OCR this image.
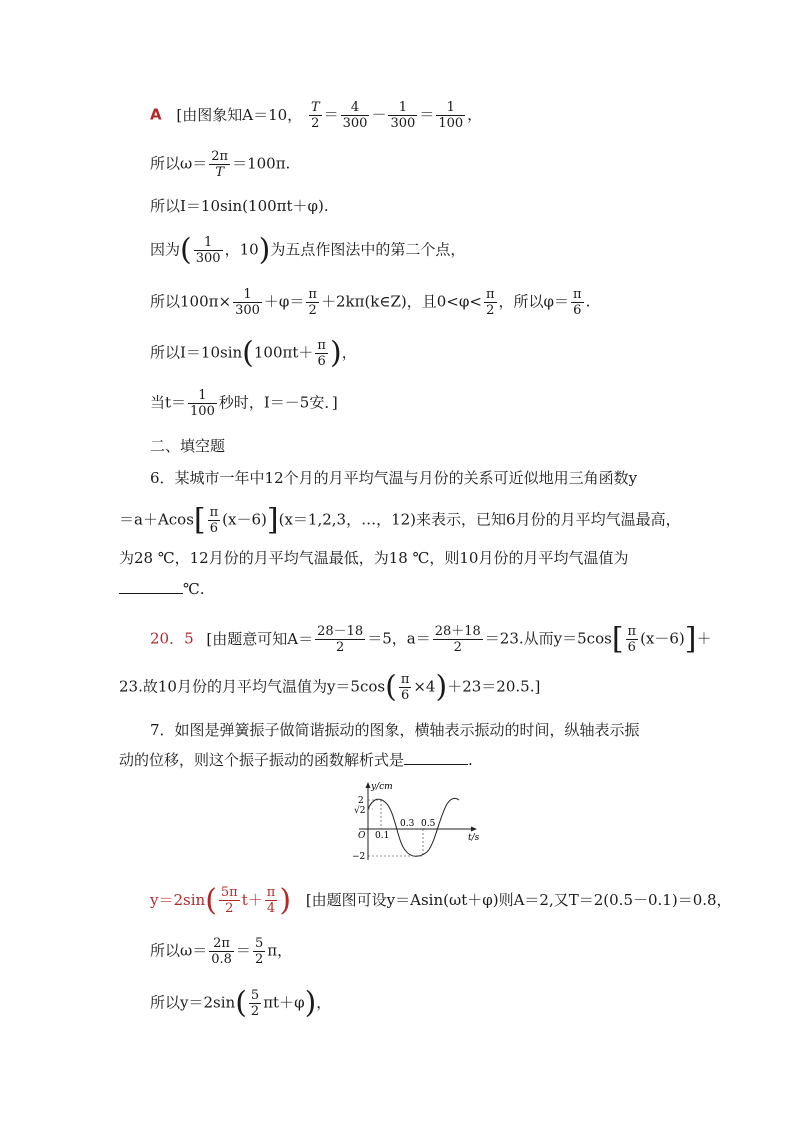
A [由图象知A＝10， $\frac{T}{2} = \frac{4}{300} - \frac{1}{300} = \frac{1}{100}$ ，
所以$\omega= \frac{2\pi}{T} =100\pi$.
所以I＝10sin(100πt＋φ).
因为( $\frac{1}{300}$ ，10)为五点作图法中的第二个点，
所以$100\pi\times \frac{1}{300} +\varphi= \frac{\pi}{2}$ ＋2kπ(k∈Z)，且$0<\varphi< \frac{\pi}{2}$ ，所以$\varphi= \frac{\pi}{6}$ .
所以$I=10\sin(100\pi t+ \frac{\pi}{6}$ )，
当$t= \frac{1}{100}$ 秒时，I＝－5安．]
二、填空题
6．某城市一年中12个月的月平均气温与月份的关系可近似地用三角函数y
$=a+Acos[ \frac{\pi}{6} (x-6)](x=1,2,3$，…，12)来表示，已知6月份的月平均气温最高，
为28 ℃，12月份的月平均气温最低，为18 ℃，则10月份的月平均气温值为
℃.
20．5 [由题意可知$A= \frac{28-18}{2} =5$，$a= \frac{28+18}{2} =23$.从而$y=5\cos[ \frac{\pi}{6} (x-6)]+$
23.故10月份的月平均气温值为$y=5\cos( \frac{\pi}{6} \times 4)+23=20.5$.]
7．如图是弹簧振子做简谐振动的图象，横轴表示振动的时间，纵轴表示振
动的位移，则这个振子振动的函数解析式是	.
y/cm
t/s
2
√2
O
−2
0.1
0.3 0.5
$y=2\sin( \frac{5\pi}{2} t+ \frac{\pi}{4}$ ) [由题图可设y＝Asin(ωt＋φ)则A＝2,又T＝2(0.5－0.1)＝0.8，
所以$\omega= \frac{2\pi}{0.8} = \frac{5}{2}$ π，
所以$y=2\sin( \frac{5}{2} \pi t+\varphi)$，
